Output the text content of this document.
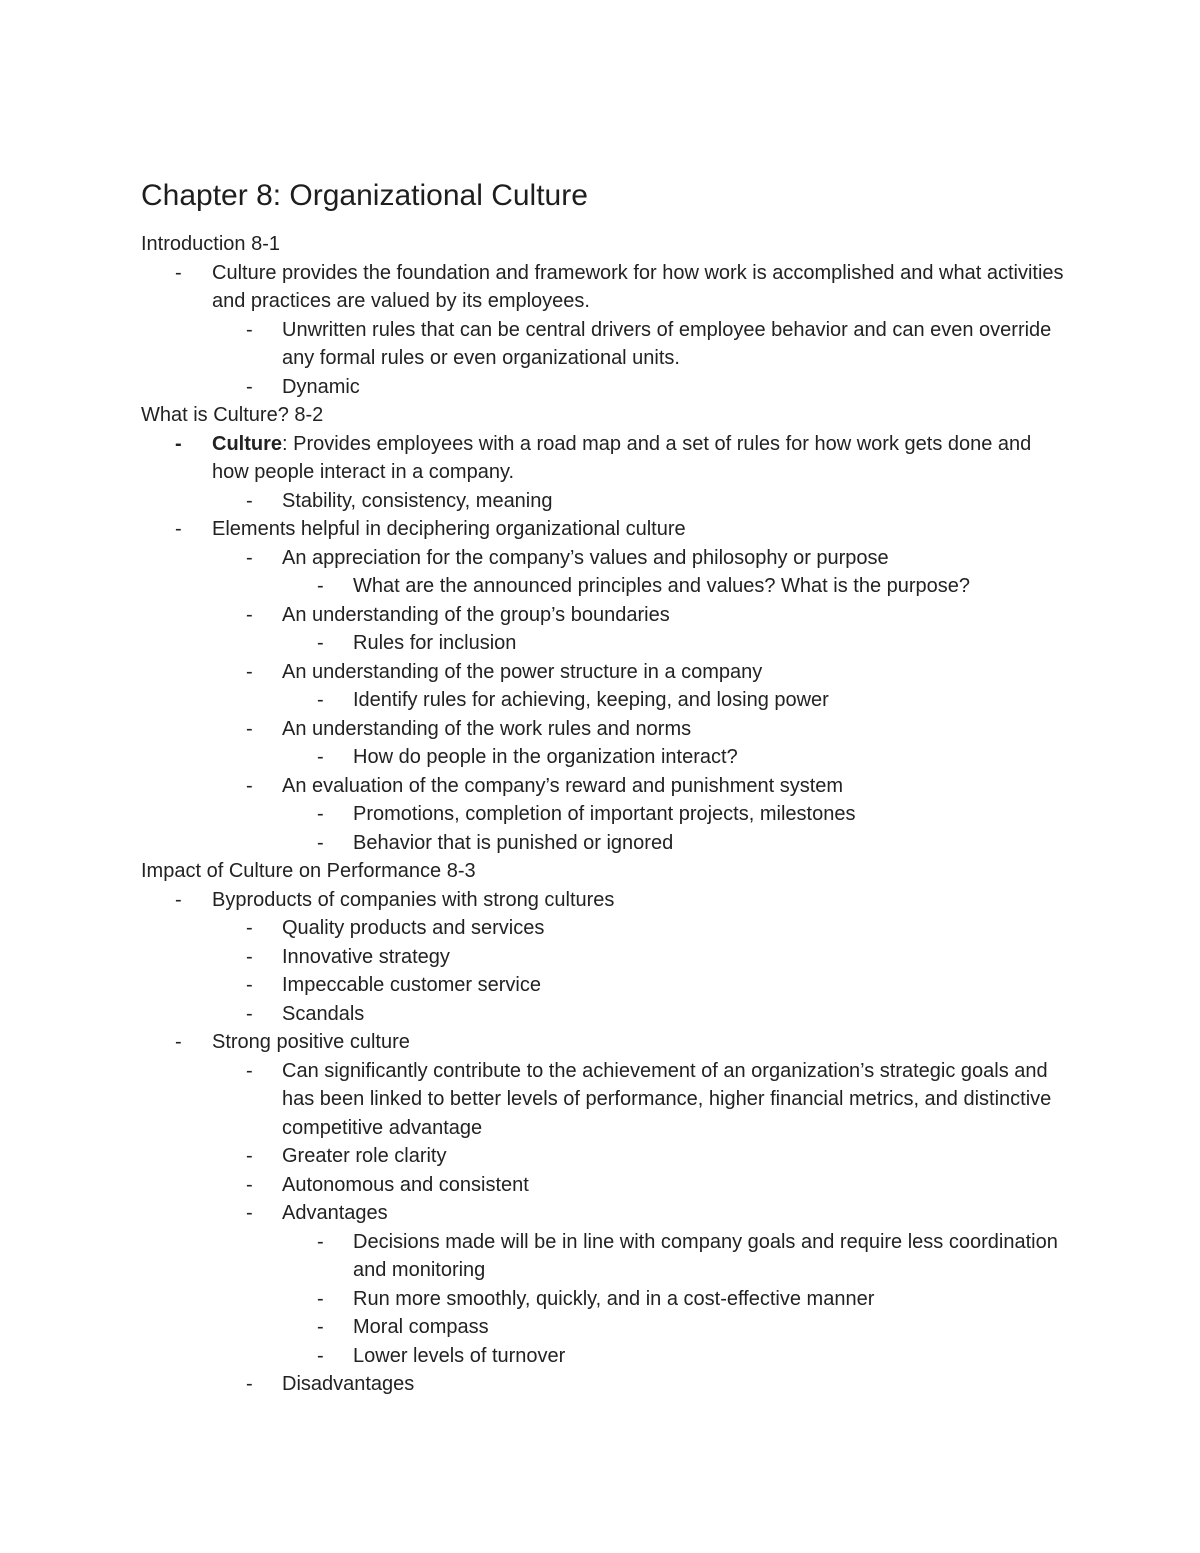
Chapter 8: Organizational Culture
Introduction 8-1
- Culture provides the foundation and framework for how work is accomplished and what activities and practices are valued by its employees.
- Unwritten rules that can be central drivers of employee behavior and can even override any formal rules or even organizational units.
- Dynamic
What is Culture? 8-2
- Culture: Provides employees with a road map and a set of rules for how work gets done and how people interact in a company.
- Stability, consistency, meaning
- Elements helpful in deciphering organizational culture
- An appreciation for the company’s values and philosophy or purpose
- What are the announced principles and values? What is the purpose?
- An understanding of the group’s boundaries
- Rules for inclusion
- An understanding of the power structure in a company
- Identify rules for achieving, keeping, and losing power
- An understanding of the work rules and norms
- How do people in the organization interact?
- An evaluation of the company’s reward and punishment system
- Promotions, completion of important projects, milestones
- Behavior that is punished or ignored
Impact of Culture on Performance 8-3
- Byproducts of companies with strong cultures
- Quality products and services
- Innovative strategy
- Impeccable customer service
- Scandals
- Strong positive culture
- Can significantly contribute to the achievement of an organization’s strategic goals and has been linked to better levels of performance, higher financial metrics, and distinctive competitive advantage
- Greater role clarity
- Autonomous and consistent
- Advantages
- Decisions made will be in line with company goals and require less coordination and monitoring
- Run more smoothly, quickly, and in a cost-effective manner
- Moral compass
- Lower levels of turnover
- Disadvantages
